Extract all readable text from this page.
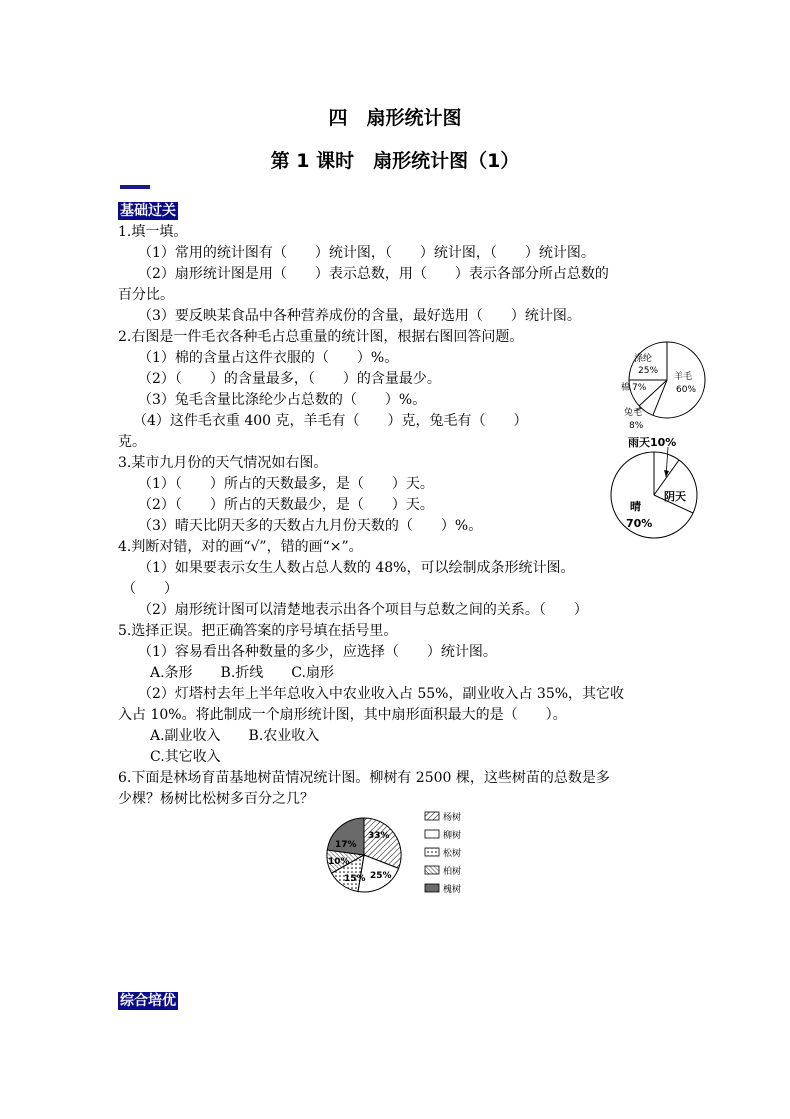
四　扇形统计图
第 1 课时　扇形统计图（1）
基础过关
1.填一填。
（1）常用的统计图有（　　）统计图，（　　）统计图，（　　）统计图。
（2）扇形统计图是用（　　）表示总数，用（　　）表示各部分所占总数的
百分比。
（3）要反映某食品中各种营养成份的含量，最好选用（　　）统计图。
2.右图是一件毛衣各种毛占总重量的统计图，根据右图回答问题。
（1）棉的含量占这件衣服的（　　）%。
（2）（　　）的含量最多，（　　）的含量最少。
（3）兔毛含量比涤纶少占总数的（　　）%。
（4）这件毛衣重 400 克，羊毛有（　　）克，兔毛有（　　）
克。
3.某市九月份的天气情况如右图。
（1）（　　）所占的天数最多，是（　　）天。
（2）（　　）所占的天数最少，是（　　）天。
（3）晴天比阴天多的天数占九月份天数的（　　）%。
4.判断对错，对的画“√”，错的画“×”。
（1）如果要表示女生人数占总人数的 48%，可以绘制成条形统计图。
（　　）
（2）扇形统计图可以清楚地表示出各个项目与总数之间的关系。（　　）
5.选择正误。把正确答案的序号填在括号里。
（1）容易看出各种数量的多少，应选择（　　）统计图。
A.条形　　B.折线　　C.扇形
（2）灯塔村去年上半年总收入中农业收入占 55%，副业收入占 35%，其它收
入占 10%。将此制成一个扇形统计图，其中扇形面积最大的是（　　）。
A.副业收入　　B.农业收入
C.其它收入
6.下面是林场育苗基地树苗情况统计图。柳树有 2500 棵，这些树苗的总数是多
少棵？杨树比松树多百分之几？
羊毛
60%
涤纶
25%
棉 7%
兔毛
8%
雨天10%
阴天
晴
70%
33%
25%
15%
10%
17%
杨树
柳树
松树
柏树
槐树
综合培优
